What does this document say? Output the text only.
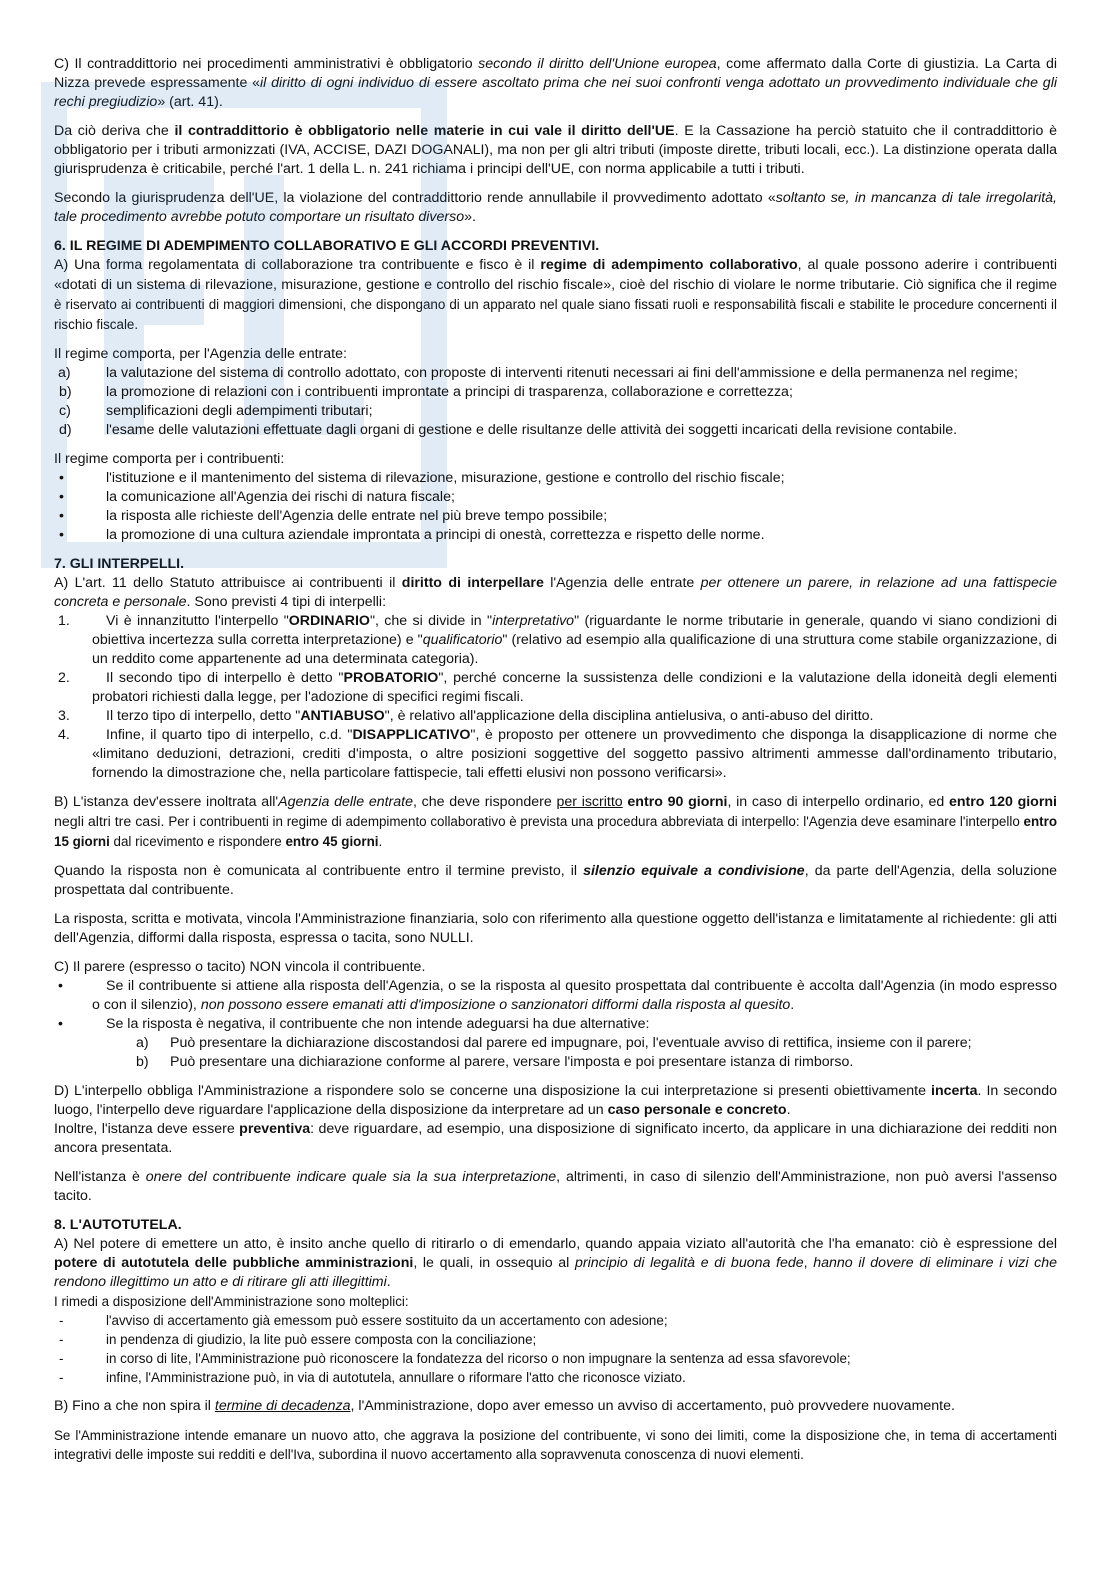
C) Il contraddittorio nei procedimenti amministrativi è obbligatorio secondo il diritto dell'Unione europea, come affermato dalla Corte di giustizia. La Carta di Nizza prevede espressamente «il diritto di ogni individuo di essere ascoltato prima che nei suoi confronti venga adottato un provvedimento individuale che gli rechi pregiudizio» (art. 41).

Da ciò deriva che il contraddittorio è obbligatorio nelle materie in cui vale il diritto dell'UE. E la Cassazione ha perciò statuito che il contraddittorio è obbligatorio per i tributi armonizzati (IVA, ACCISE, DAZI DOGANALI), ma non per gli altri tributi (imposte dirette, tributi locali, ecc.). La distinzione operata dalla giurisprudenza è criticabile, perché l'art. 1 della L. n. 241 richiama i principi dell'UE, con norma applicabile a tutti i tributi.

Secondo la giurisprudenza dell'UE, la violazione del contraddittorio rende annullabile il provvedimento adottato «soltanto se, in mancanza di tale irregolarità, tale procedimento avrebbe potuto comportare un risultato diverso».

6. IL REGIME DI ADEMPIMENTO COLLABORATIVO E GLI ACCORDI PREVENTIVI.

A) Una forma regolamentata di collaborazione tra contribuente e fisco è il regime di adempimento collaborativo, al quale possono aderire i contribuenti «dotati di un sistema di rilevazione, misurazione, gestione e controllo del rischio fiscale», cioè del rischio di violare le norme tributarie. Ciò significa che il regime è riservato ai contribuenti di maggiori dimensioni, che dispongano di un apparato nel quale siano fissati ruoli e responsabilità fiscali e stabilite le procedure concernenti il rischio fiscale.

Il regime comporta, per l'Agenzia delle entrate:

a) la valutazione del sistema di controllo adottato, con proposte di interventi ritenuti necessari ai fini dell'ammissione e della permanenza nel regime;
b) la promozione di relazioni con i contribuenti improntate a principi di trasparenza, collaborazione e correttezza;
c) semplificazioni degli adempimenti tributari;
d) l'esame delle valutazioni effettuate dagli organi di gestione e delle risultanze delle attività dei soggetti incaricati della revisione contabile.

Il regime comporta per i contribuenti:

•	l'istituzione e il mantenimento del sistema di rilevazione, misurazione, gestione e controllo del rischio fiscale;
•	la comunicazione all'Agenzia dei rischi di natura fiscale;
•	la risposta alle richieste dell'Agenzia delle entrate nel più breve tempo possibile;
•	la promozione di una cultura aziendale improntata a principi di onestà, correttezza e rispetto delle norme.
7. GLI INTERPELLI.

A) L'art. 11 dello Statuto attribuisce ai contribuenti il diritto di interpellare l'Agenzia delle entrate per ottenere un parere, in relazione ad una fattispecie concreta e personale. Sono previsti 4 tipi di interpelli:

1.	Vi è innanzitutto l'interpello "ORDINARIO", che si divide in "interpretativo" (riguardante le norme tributarie in generale, quando vi siano condizioni di obiettiva incertezza sulla corretta interpretazione) e "qualificatorio" (relativo ad esempio alla qualificazione di una struttura come stabile organizzazione, di un reddito come appartenente ad una determinata categoria).
2.	Il secondo tipo di interpello è detto "PROBATORIO", perché concerne la sussistenza delle condizioni e la valutazione della idoneità degli elementi probatori richiesti dalla legge, per l'adozione di specifici regimi fiscali.
3.	Il terzo tipo di interpello, detto "ANTIABUSO", è relativo all'applicazione della disciplina antielusiva, o anti-abuso del diritto.
4.	Infine, il quarto tipo di interpello, c.d. "DISAPPLICATIVO", è proposto per ottenere un provvedimento che disponga la disapplicazione di norme che «limitano deduzioni, detrazioni, crediti d'imposta, o altre posizioni soggettive del soggetto passivo altrimenti ammesse dall'ordinamento tributario, fornendo la dimostrazione che, nella particolare fattispecie, tali effetti elusivi non possono verificarsi».

B) L'istanza dev'essere inoltrata all'Agenzia delle entrate, che deve rispondere per iscritto entro 90 giorni, in caso di interpello ordinario, ed entro 120 giorni negli altri tre casi. Per i contribuenti in regime di adempimento collaborativo è prevista una procedura abbreviata di interpello: l'Agenzia deve esaminare l'interpello entro 15 giorni dal ricevimento e rispondere entro 45 giorni.

Quando la risposta non è comunicata al contribuente entro il termine previsto, il silenzio equivale a condivisione, da parte dell'Agenzia, della soluzione prospettata dal contribuente.

La risposta, scritta e motivata, vincola l'Amministrazione finanziaria, solo con riferimento alla questione oggetto dell'istanza e limitatamente al richiedente: gli atti dell'Agenzia, difformi dalla risposta, espressa o tacita, sono NULLI.

C) Il parere (espresso o tacito) NON vincola il contribuente.

•	Se il contribuente si attiene alla risposta dell'Agenzia, o se la risposta al quesito prospettata dal contribuente è accolta dall'Agenzia (in modo espresso o con il silenzio), non possono essere emanati atti d'imposizione o sanzionatori difformi dalla risposta al quesito.
•	Se la risposta è negativa, il contribuente che non intende adeguarsi ha due alternative:
a) Può presentare la dichiarazione discostandosi dal parere ed impugnare, poi, l'eventuale avviso di rettifica, insieme con il parere;
b) Può presentare una dichiarazione conforme al parere, versare l'imposta e poi presentare istanza di rimborso.

D) L'interpello obbliga l'Amministrazione a rispondere solo se concerne una disposizione la cui interpretazione si presenti obiettivamente incerta. In secondo luogo, l'interpello deve riguardare l'applicazione della disposizione da interpretare ad un caso personale e concreto.

Inoltre, l'istanza deve essere preventiva: deve riguardare, ad esempio, una disposizione di significato incerto, da applicare in una dichiarazione dei redditi non ancora presentata.

Nell'istanza è onere del contribuente indicare quale sia la sua interpretazione, altrimenti, in caso di silenzio dell'Amministrazione, non può aversi l'assenso tacito.

8. L'AUTOTUTELA.

A) Nel potere di emettere un atto, è insito anche quello di ritirarlo o di emendarlo, quando appaia viziato all'autorità che l'ha emanato: ciò è espressione del potere di autotutela delle pubbliche amministrazioni, le quali, in ossequio al principio di legalità e di buona fede, hanno il dovere di eliminare i vizi che rendono illegittimo un atto e di ritirare gli atti illegittimi.

I rimedi a disposizione dell'Amministrazione sono molteplici:

-	l'avviso di accertamento già emessom può essere sostituito da un accertamento con adesione;
-	in pendenza di giudizio, la lite può essere composta con la conciliazione;
-	in corso di lite, l'Amministrazione può riconoscere la fondatezza del ricorso o non impugnare la sentenza ad essa sfavorevole;
-	infine, l'Amministrazione può, in via di autotutela, annullare o riformare l'atto che riconosce viziato.

B) Fino a che non spira il termine di decadenza, l'Amministrazione, dopo aver emesso un avviso di accertamento, può provvedere nuovamente.

Se l'Amministrazione intende emanare un nuovo atto, che aggrava la posizione del contribuente, vi sono dei limiti, come la disposizione che, in tema di accertamenti integrativi delle imposte sui redditi e dell'Iva, subordina il nuovo accertamento alla sopravvenuta conoscenza di nuovi elementi.
